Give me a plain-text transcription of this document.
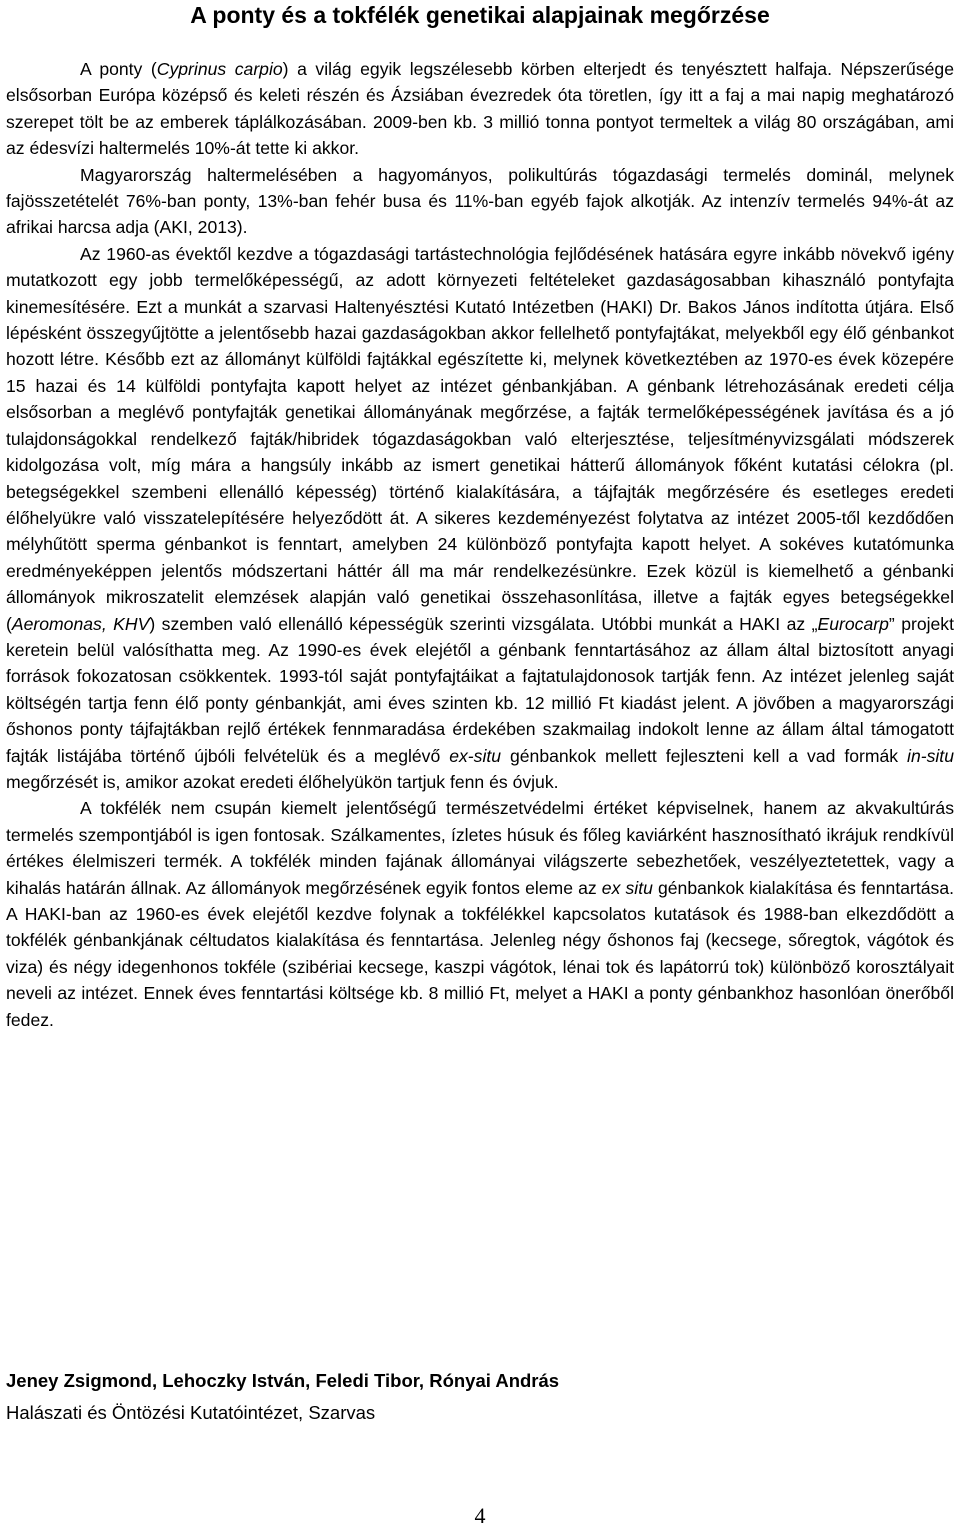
A ponty és a tokfélék genetikai alapjainak megőrzése

A ponty (Cyprinus carpio) a világ egyik legszélesebb körben elterjedt és tenyésztett halfaja. Népszerűsége elsősorban Európa középső és keleti részén és Ázsiában évezredek óta töretlen, így itt a faj a mai napig meghatározó szerepet tölt be az emberek táplálkozásában. 2009-ben kb. 3 millió tonna pontyot termeltek a világ 80 országában, ami az édesvízi haltermelés 10%-át tette ki akkor.

Magyarország haltermelésében a hagyományos, polikultúrás tógazdasági termelés dominál, melynek fajösszetételét 76%-ban ponty, 13%-ban fehér busa és 11%-ban egyéb fajok alkotják. Az intenzív termelés 94%-át az afrikai harcsa adja (AKI, 2013).

Az 1960-as évektől kezdve a tógazdasági tartástechnológia fejlődésének hatására egyre inkább növekvő igény mutatkozott egy jobb termelőképességű, az adott környezeti feltételeket gazdaságosabban kihasználó pontyfajta kinemesítésére. Ezt a munkát a szarvasi Haltenyésztési Kutató Intézetben (HAKI) Dr. Bakos János indította útjára. Első lépésként összegyűjtötte a jelentősebb hazai gazdaságokban akkor fellelhető pontyfajtákat, melyekből egy élő génbankot hozott létre. Később ezt az állományt külföldi fajtákkal egészítette ki, melynek következtében az 1970-es évek közepére 15 hazai és 14 külföldi pontyfajta kapott helyet az intézet génbankjában. A génbank létrehozásának eredeti célja elsősorban a meglévő pontyfajták genetikai állományának megőrzése, a fajták termelőképességének javítása és a jó tulajdonságokkal rendelkező fajták/hibridek tógazdaságokban való elterjesztése, teljesítményvizsgálati módszerek kidolgozása volt, míg mára a hangsúly inkább az ismert genetikai hátterű állományok főként kutatási célokra (pl. betegségekkel szembeni ellenálló képesség) történő kialakítására, a tájfajták megőrzésére és esetleges eredeti élőhelyükre való visszatelepítésére helyeződött át. A sikeres kezdeményezést folytatva az intézet 2005-től kezdődően mélyhűtött sperma génbankot is fenntart, amelyben 24 különböző pontyfajta kapott helyet. A sokéves kutatómunka eredményeképpen jelentős módszertani háttér áll ma már rendelkezésünkre. Ezek közül is kiemelhető a génbanki állományok mikroszatelit elemzések alapján való genetikai összehasonlítása, illetve a fajták egyes betegségekkel (Aeromonas, KHV) szemben való ellenálló képességük szerinti vizsgálata. Utóbbi munkát a HAKI az „Eurocarp” projekt keretein belül valósíthatta meg. Az 1990-es évek elejétől a génbank fenntartásához az állam által biztosított anyagi források fokozatosan csökkentek. 1993-tól saját pontyfajtáikat a fajtatulajdonosok tartják fenn. Az intézet jelenleg saját költségén tartja fenn élő ponty génbankját, ami éves szinten kb. 12 millió Ft kiadást jelent. A jövőben a magyarországi őshonos ponty tájfajtákban rejlő értékek fennmaradása érdekében szakmailag indokolt lenne az állam által támogatott fajták listájába történő újbóli felvételük és a meglévő ex-situ génbankok mellett fejleszteni kell a vad formák in-situ megőrzését is, amikor azokat eredeti élőhelyükön tartjuk fenn és óvjuk.

A tokfélék nem csupán kiemelt jelentőségű természetvédelmi értéket képviselnek, hanem az akvakultúrás termelés szempontjából is igen fontosak. Szálkamentes, ízletes húsuk és főleg kaviárként hasznosítható ikrájuk rendkívül értékes élelmiszeri termék. A tokfélék minden fajának állományai világszerte sebezhetőek, veszélyeztetettek, vagy a kihalás határán állnak. Az állományok megőrzésének egyik fontos eleme az ex situ génbankok kialakítása és fenntartása. A HAKI-ban az 1960-es évek elejétől kezdve folynak a tokfélékkel kapcsolatos kutatások és 1988-ban elkezdődött a tokfélék génbankjának céltudatos kialakítása és fenntartása. Jelenleg négy őshonos faj (kecsege, sőregtok, vágótok és viza) és négy idegenhonos tokféle (szibériai kecsege, kaszpi vágótok, lénai tok és lapátorrú tok) különböző korosztályait neveli az intézet. Ennek éves fenntartási költsége kb. 8 millió Ft, melyet a HAKI a ponty génbankhoz hasonlóan önerőből fedez.

Jeney Zsigmond, Lehoczky István, Feledi Tibor, Rónyai András
Halászati és Öntözési Kutatóintézet, Szarvas
4
